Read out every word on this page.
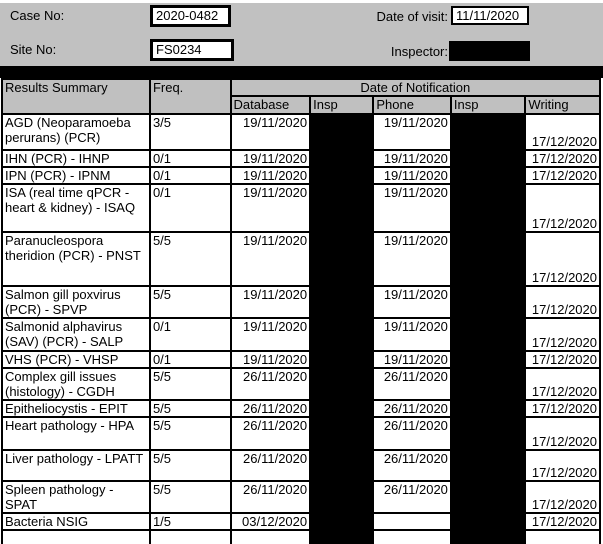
Case No:	2020-0482	Date of visit: 11/11/2020
Site No:	FS0234	Inspector:
Results Summary	Freq.	Date of Notification				
		Database	Insp	Phone	Insp	Writing
AGD (Neoparamoeba perurans) (PCR)	3/5	19/11/2020		19/11/2020		17/12/2020
IHN (PCR) - IHNP	0/1	19/11/2020		19/11/2020		17/12/2020
IPN (PCR) - IPNM	0/1	19/11/2020		19/11/2020		17/12/2020
ISA (real time qPCR - heart & kidney) - ISAQ	0/1	19/11/2020		19/11/2020		17/12/2020
Paranucleospora theridion (PCR) - PNST	5/5	19/11/2020		19/11/2020		17/12/2020
Salmon gill poxvirus (PCR) - SPVP	5/5	19/11/2020		19/11/2020		17/12/2020
Salmonid alphavirus (SAV) (PCR) - SALP	0/1	19/11/2020		19/11/2020		17/12/2020
VHS (PCR) - VHSP	0/1	19/11/2020		19/11/2020		17/12/2020
Complex gill issues (histology) - CGDH	5/5	26/11/2020		26/11/2020		17/12/2020
Epitheliocystis - EPIT	5/5	26/11/2020		26/11/2020		17/12/2020
Heart pathology - HPA	5/5	26/11/2020		26/11/2020		17/12/2020
Liver pathology - LPATT	5/5	26/11/2020		26/11/2020		17/12/2020
Spleen pathology - SPAT	5/5	26/11/2020		26/11/2020		17/12/2020
Bacteria NSIG	1/5	03/12/2020				17/12/2020
